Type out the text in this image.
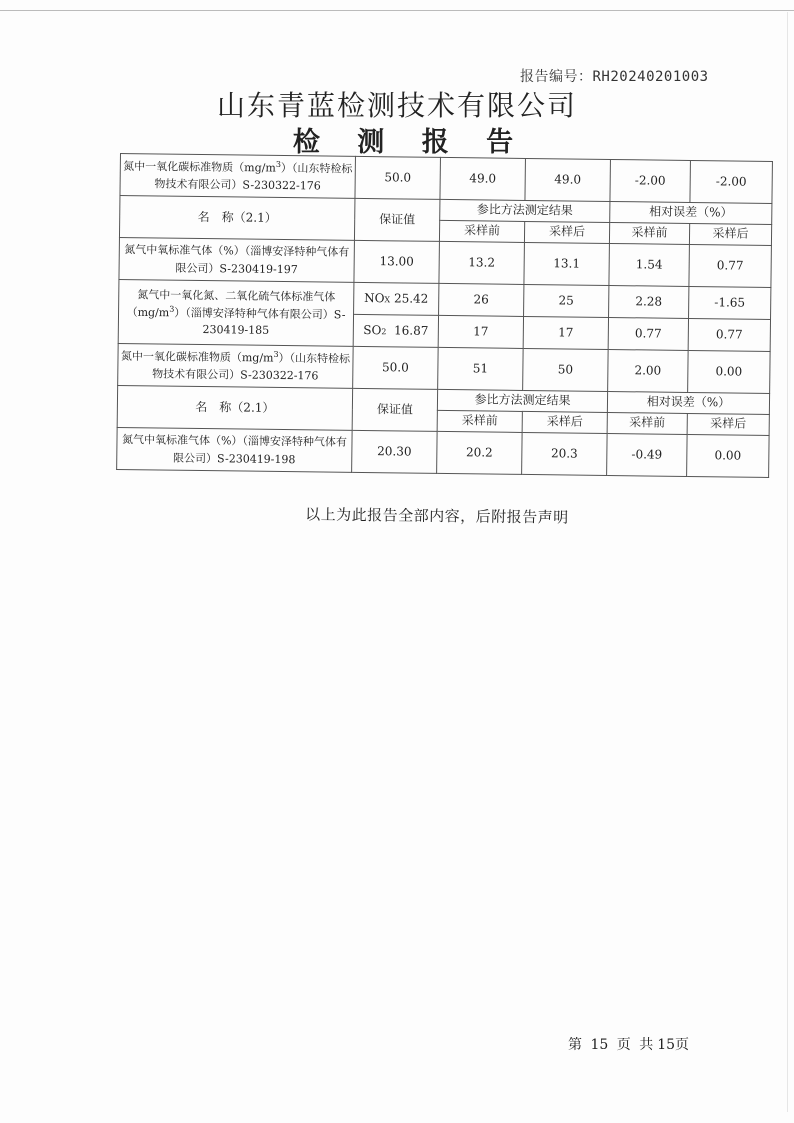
报告编号：RH20240201003
山东青蓝检测技术有限公司
检 测 报 告
氮中一氧化碳标准物质$(mg/m^3)$（山东特检标物技术有限公司）S-230322-176	50.0	49.0	49.0	-2.00	-2.00
名　称（2.1）	保证值	参比方法测定结果		相对误差（%）	
		采样前	采样后	采样前	采样后
氮气中氧标准气体（%）（淄博安泽特种气体有限公司）S-230419-197	13.00	13.2	13.1	1.54	0.77
氮气中一氧化氮、二氧化硫气体标准气体$(mg/m^3)$（淄博安泽特种气体有限公司）S-230419-185	NOX 25.42	26	25	2.28	-1.65
	SO2 16.87	17	17	0.77	0.77
氮中一氧化碳标准物质$(mg/m^3)$（山东特检标物技术有限公司）S-230322-176	50.0	51	50	2.00	0.00
名　称（2.1）	保证值	参比方法测定结果		相对误差（%）	
		采样前	采样后	采样前	采样后
氮气中氧标准气体（%）（淄博安泽特种气体有限公司）S-230419-198	20.30	20.2	20.3	-0.49	0.00
以上为此报告全部内容，后附报告声明
第 15 页 共 15页
